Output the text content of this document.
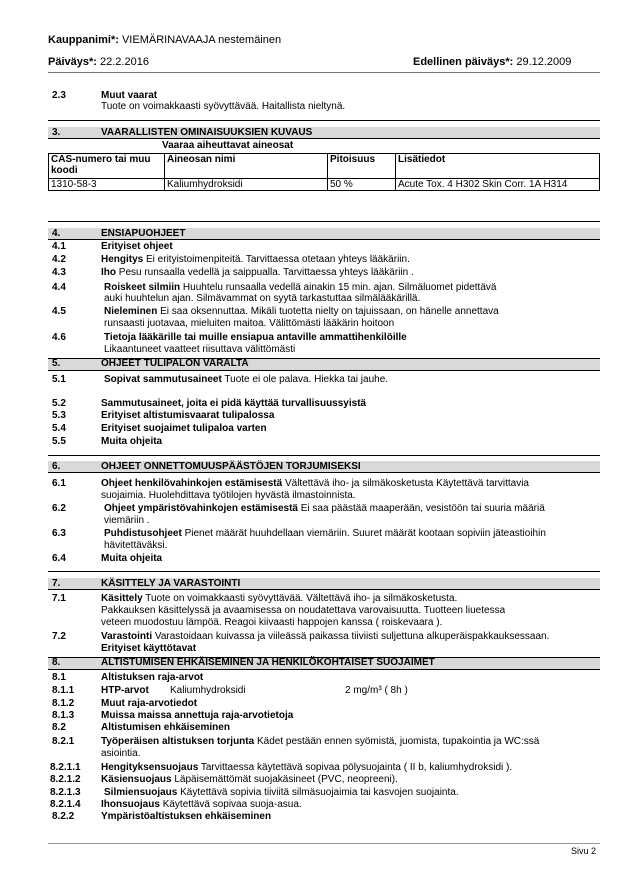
Kauppanimi*: VIEMÄRINAVAAJA nestemäinen
Päiväys*: 22.2.2016	Edellinen päiväys*: 29.12.2009
2.3	Muut vaarat
Tuote on voimakkaasti syövyttävää. Haitallista nieltynä.
3.	VAARALLISTEN OMINAISUUKSIEN KUVAUS
Vaaraa aiheuttavat aineosat
CAS-numero tai muu koodi	Aineosan nimi	Pitoisuus	Lisätiedot
1310-58-3	Kaliumhydroksidi	50 %	Acute Tox. 4 H302 Skin Corr. 1A H314
4.	ENSIAPUOHJEET
4.1	Erityiset ohjeet
4.2	Hengitys Ei erityistoimenpiteitä. Tarvittaessa otetaan yhteys lääkäriin.
4.3	Iho Pesu runsaalla vedellä ja saippualla. Tarvittaessa yhteys lääkäriin .
4.4	Roiskeet silmiin Huuhtelu runsaalla vedellä ainakin 15 min. ajan. Silmäluomet pidettävä
auki huuhtelun ajan. Silmävammat on syytä tarkastuttaa silmälääkärillä.
4.5	Nieleminen Ei saa oksennuttaa. Mikäli tuotetta nielty on tajuissaan, on hänelle annettava
runsaasti juotavaa, mieluiten maitoa. Välittömästi lääkärin hoitoon
4.6	Tietoja lääkärille tai muille ensiapua antaville ammattihenkilöille
Likaantuneet vaatteet riisuttava välittömästi
5.	OHJEET TULIPALON VARALTA
5.1	Sopivat sammutusaineet Tuote ei ole palava. Hiekka tai jauhe.
5.2	Sammutusaineet, joita ei pidä käyttää turvallisuussyistä
5.3	Erityiset altistumisvaarat tulipalossa
5.4	Erityiset suojaimet tulipaloa varten
5.5	Muita ohjeita
6.	OHJEET ONNETTOMUUSPÄÄSTÖJEN TORJUMISEKSI
6.1	Ohjeet henkilövahinkojen estämisestä Vältettävä iho- ja silmäkosketusta Käytettävä tarvittavia
suojaimia. Huolehdittava työtilojen hyvästä ilmastoinnista.
6.2	Ohjeet ympäristövahinkojen estämisestä Ei saa päästää maaperään, vesistöön tai suuria määriä
viemäriin .
6.3	Puhdistusohjeet Pienet määrät huuhdellaan viemäriin. Suuret määrät kootaan sopiviin jäteastioihin
hävitettäväksi.
6.4	Muita ohjeita
7.	KÄSITTELY JA VARASTOINTI
7.1	Käsittely Tuote on voimakkaasti syövyttävää. Vältettävä iho- ja silmäkosketusta.
Pakkauksen käsittelyssä ja avaamisessa on noudatettava varovaisuutta. Tuotteen liuetessa
veteen muodostuu lämpöä. Reagoi kiivaasti happojen kanssa ( roiskevaara ).
7.2	Varastointi Varastoidaan kuivassa ja viileässä paikassa tiiviisti suljettuna alkuperäispakkauksessaan.
Erityiset käyttötavat
8.	ALTISTUMISEN EHKÄISEMINEN JA HENKILÖKOHTAISET SUOJAIMET
8.1	Altistuksen raja-arvot
8.1.1	HTP-arvot Kaliumhydroksidi	2 mg/m³ ( 8h )
8.1.2	Muut raja-arvotiedot
8.1.3	Muissa maissa annettuja raja-arvotietoja
8.2	Altistumisen ehkäiseminen
8.2.1	Työperäisen altistuksen torjunta Kädet pestään ennen syömistä, juomista, tupakointia ja WC:ssä
asiointia.
8.2.1.1 Hengityksensuojaus Tarvittaessa käytettävä sopivaa pölysuojainta ( II b, kaliumhydroksidi ).
8.2.1.2 Käsiensuojaus Läpäisemättömät suojakäsineet (PVC, neopreeni).
8.2.1.3 Silmiensuojaus Käytettävä sopivia tiiviitä silmäsuojaimia tai kasvojen suojainta.
8.2.1.4 Ihonsuojaus Käytettävä sopivaa suoja-asua.
8.2.2	Ympäristöaltistuksen ehkäiseminen
Sivu 2
